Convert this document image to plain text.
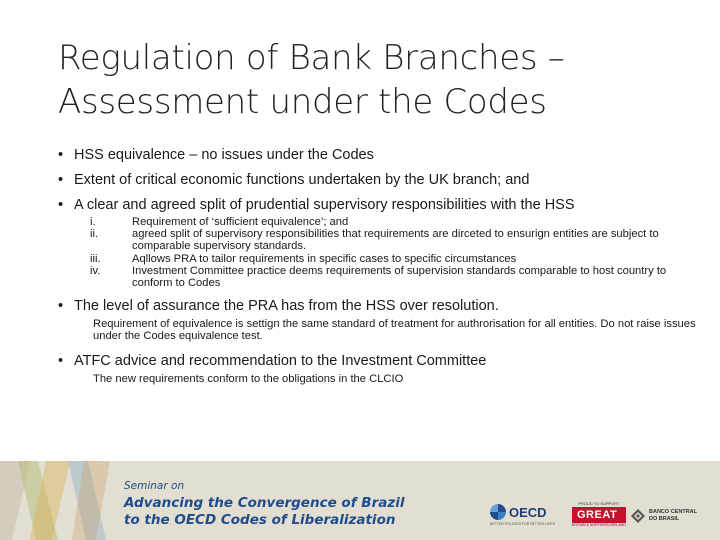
Regulation of Bank Branches –
Assessment under the Codes
• HSS equivalence – no issues under the Codes
• Extent of critical economic functions undertaken by the UK branch; and
• A clear and agreed split of prudential supervisory responsibilities with the HSS
i.	Requirement of ‘sufficient equivalence’; and
ii.	agreed split of supervisory responsibilities that requirements are dirceted to ensurign entities are subject to comparable supervisory standards.
iii.	Aqllows PRA to tailor requirements in specific cases to specific circumstances
iv.	Investment Committee practice deems requirements of supervision standards comparable to host country to conform to Codes
• The level of assurance the PRA has from the HSS over resolution.
Requirement of equivalence is settign the same standard of treatment for authrorisation for all entities. Do not raise issues under the Codes equivalence test.
• ATFC advice and recommendation to the Investment Committee
The new requirements conform to the obligations in the CLCIO
Seminar on
Advancing the Convergence of Brazil
to the OECD Codes of Liberalization	OECD
BETTER POLICIES FOR BETTER LIVES
PROUD TO SUPPORT
GREAT
BRITAIN & NORTHERN IRELAND
BANCO CENTRAL
DO BRASIL
